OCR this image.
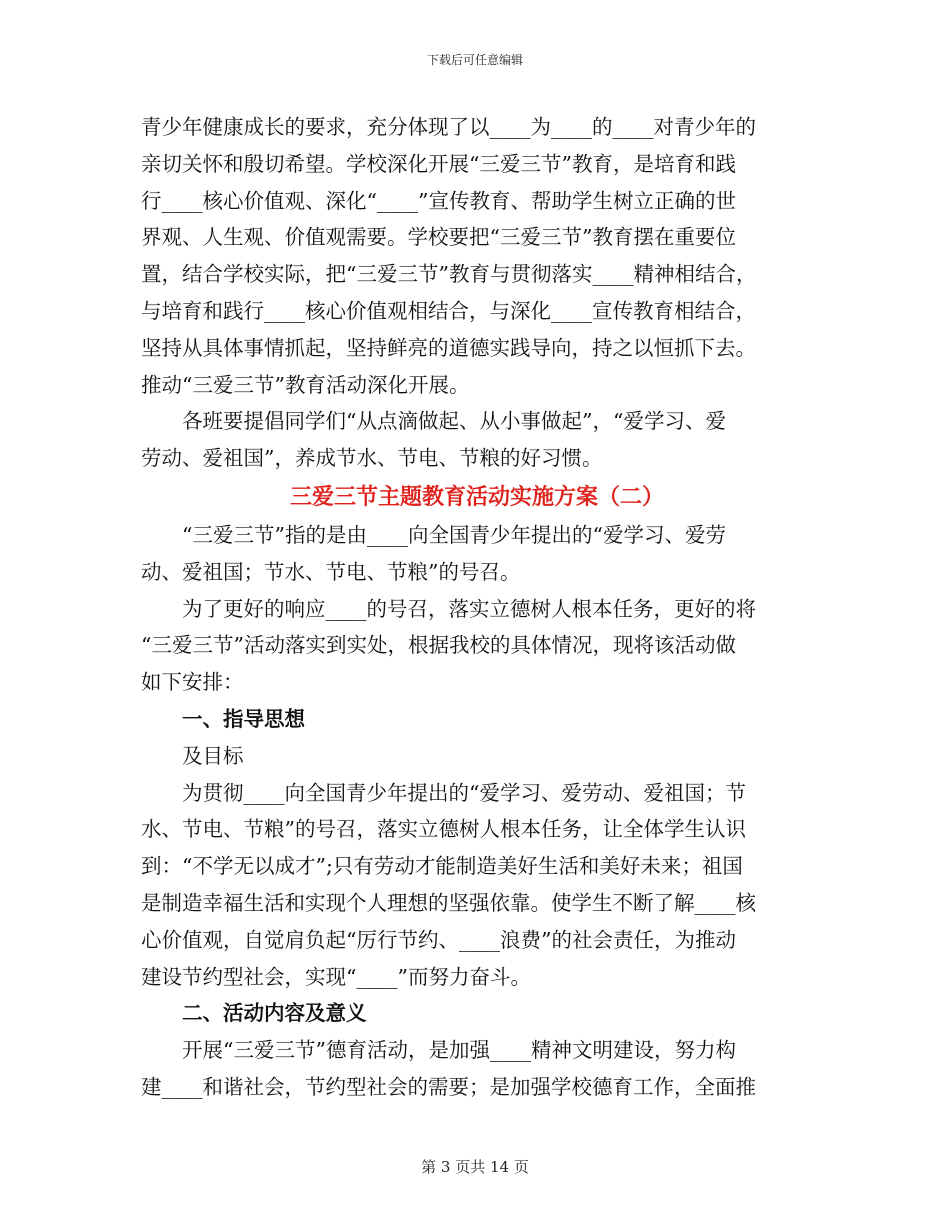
下载后可任意编辑
青少年健康成长的要求，充分体现了以____为____的____对青少年的
亲切关怀和殷切希望。学校深化开展“三爱三节”教育，是培育和践
行____核心价值观、深化“____”宣传教育、帮助学生树立正确的世
界观、人生观、价值观需要。学校要把“三爱三节”教育摆在重要位
置，结合学校实际，把“三爱三节”教育与贯彻落实____精神相结合，
与培育和践行____核心价值观相结合，与深化____宣传教育相结合，
坚持从具体事情抓起，坚持鲜亮的道德实践导向，持之以恒抓下去。
推动“三爱三节”教育活动深化开展。
各班要提倡同学们“从点滴做起、从小事做起”，“爱学习、爱
劳动、爱祖国”，养成节水、节电、节粮的好习惯。
三爱三节主题教育活动实施方案（二）
“三爱三节”指的是由____向全国青少年提出的“爱学习、爱劳
动、爱祖国；节水、节电、节粮”的号召。
为了更好的响应____的号召，落实立德树人根本任务，更好的将
“三爱三节”活动落实到实处，根据我校的具体情况，现将该活动做
如下安排：
一、指导思想
及目标
为贯彻____向全国青少年提出的“爱学习、爱劳动、爱祖国；节
水、节电、节粮”的号召，落实立德树人根本任务，让全体学生认识
到：“不学无以成才”;只有劳动才能制造美好生活和美好未来；祖国
是制造幸福生活和实现个人理想的坚强依靠。使学生不断了解____核
心价值观，自觉肩负起“厉行节约、____浪费”的社会责任，为推动
建设节约型社会，实现“____”而努力奋斗。
二、活动内容及意义
开展“三爱三节”德育活动，是加强____精神文明建设，努力构
建____和谐社会，节约型社会的需要；是加强学校德育工作，全面推
第 3 页共 14 页
